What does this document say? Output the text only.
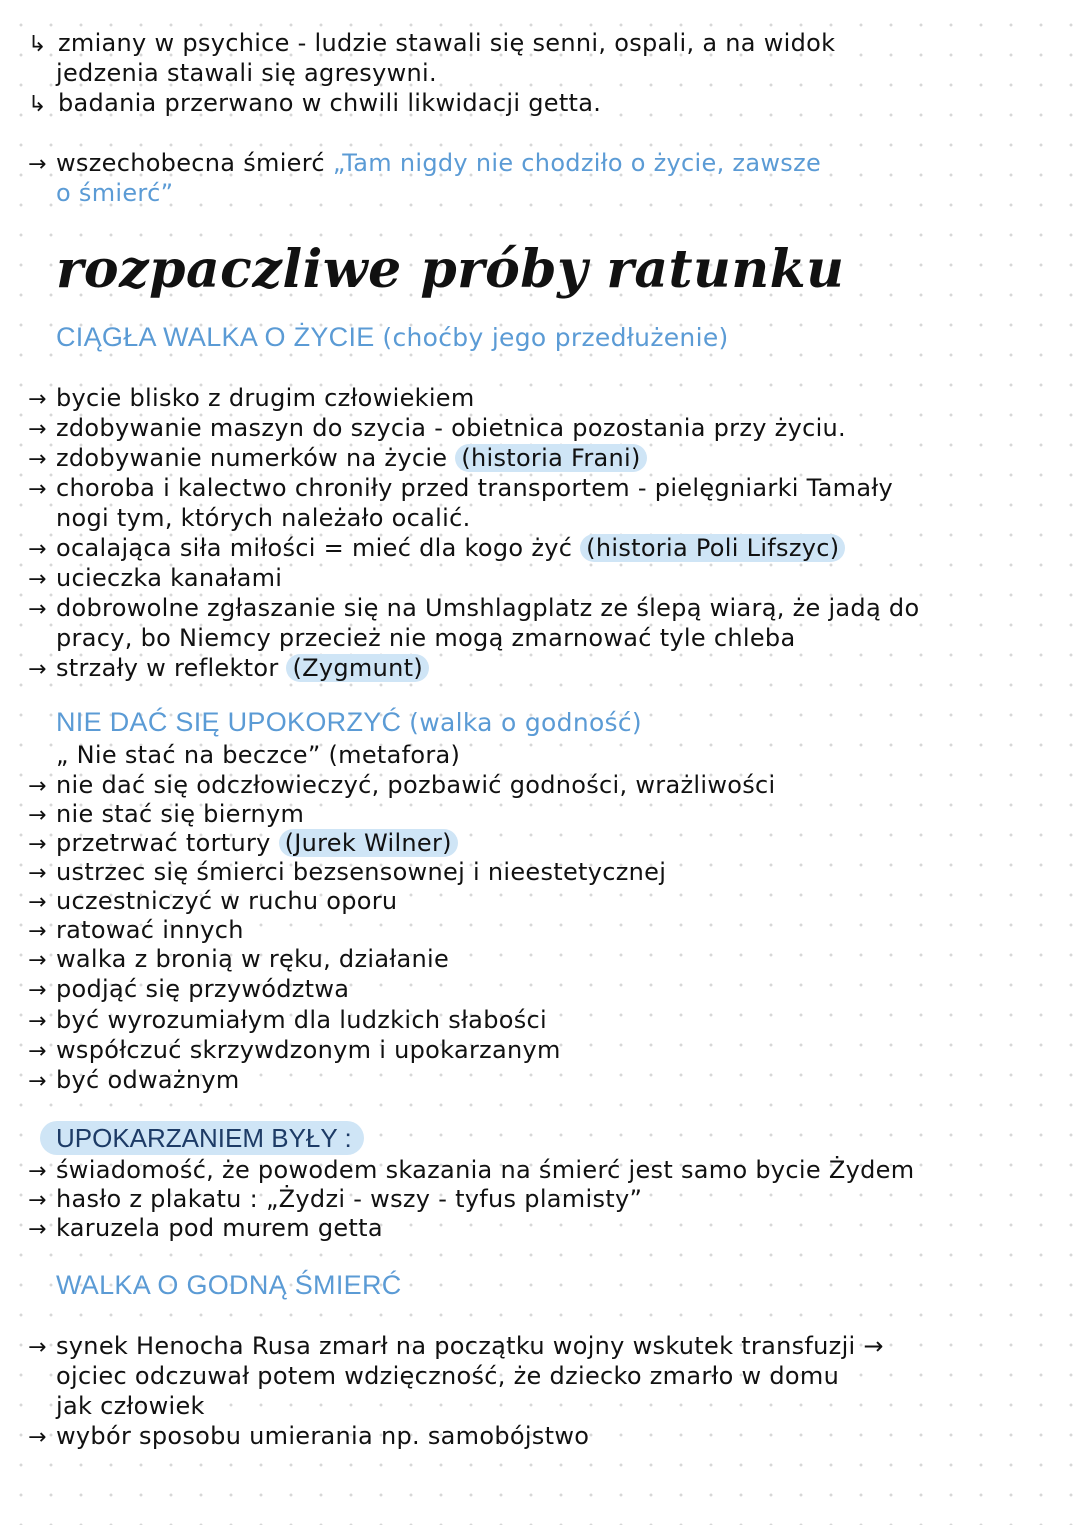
↳ zmiany w psychice - ludzie stawali się senni, ospali, a na widok
jedzenia stawali się agresywni.
↳ badania przerwano w chwili likwidacji getta.
→ wszechobecna śmierć „Tam nigdy nie chodziło o życie, zawsze
o śmierć”
rozpaczliwe próby ratunku
CIĄGŁA WALKA O ŻYCIE (choćby jego przedłużenie)
→ bycie blisko z drugim człowiekiem
→ zdobywanie maszyn do szycia - obietnica pozostania przy życiu.
→ zdobywanie numerków na życie (historia Frani)
→ choroba i kalectwo chroniły przed transportem - pielęgniarki Tamały
nogi tym, których należało ocalić.
→ ocalająca siła miłości = mieć dla kogo żyć (historia Poli Lifszyc)
→ ucieczka kanałami
→ dobrowolne zgłaszanie się na Umshlagplatz ze ślepą wiarą, że jadą do
pracy, bo Niemcy przecież nie mogą zmarnować tyle chleba
→ strzały w reflektor (Zygmunt)
NIE DAĆ SIĘ UPOKORZYĆ (walka o godność)
„ Nie stać na beczce” (metafora)
→ nie dać się odczłowieczyć, pozbawić godności, wrażliwości
→ nie stać się biernym
→ przetrwać tortury (Jurek Wilner)
→ ustrzec się śmierci bezsensownej i nieestetycznej
→ uczestniczyć w ruchu oporu
→ ratować innych
→ walka z bronią w ręku, działanie
→ podjąć się przywództwa
→ być wyrozumiałym dla ludzkich słabości
→ współczuć skrzywdzonym i upokarzanym
→ być odważnym
UPOKARZANIEM BYŁY :
→ świadomość, że powodem skazania na śmierć jest samo bycie Żydem
→ hasło z plakatu : „Żydzi - wszy - tyfus plamisty”
→ karuzela pod murem getta
WALKA O GODNĄ ŚMIERĆ
→ synek Henocha Rusa zmarł na początku wojny wskutek transfuzji →
ojciec odczuwał potem wdzięczność, że dziecko zmarło w domu
jak człowiek
→ wybór sposobu umierania np. samobójstwo
